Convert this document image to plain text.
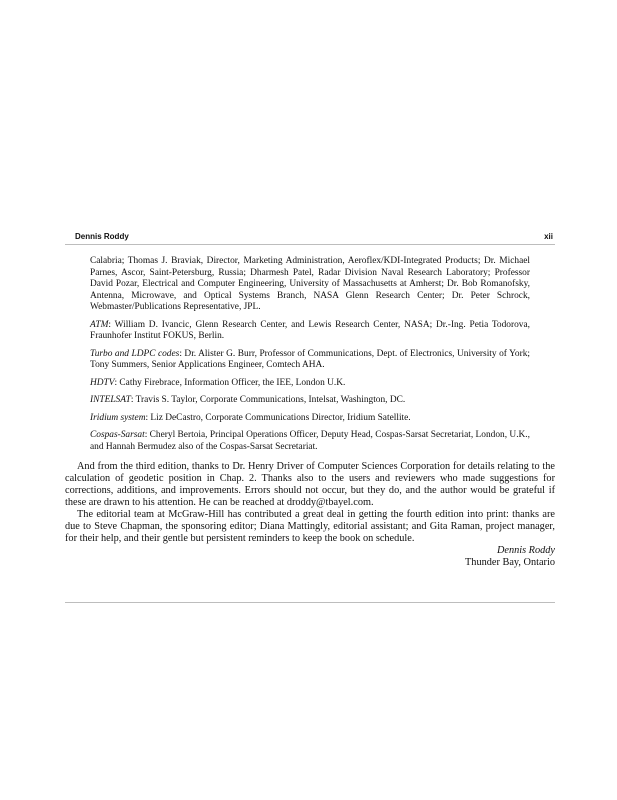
Dennis Roddy	xii

Calabria; Thomas J. Braviak, Director, Marketing Administration, Aeroflex/KDI-Integrated Products; Dr. Michael Parnes, Ascor, Saint-Petersburg, Russia; Dharmesh Patel, Radar Division Naval Research Laboratory; Professor David Pozar, Electrical and Computer Engineering, University of Massachusetts at Amherst; Dr. Bob Romanofsky, Antenna, Microwave, and Optical Systems Branch, NASA Glenn Research Center; Dr. Peter Schrock, Webmaster/Publications Representative, JPL.

ATM: William D. Ivancic, Glenn Research Center, and Lewis Research Center, NASA; Dr.-Ing. Petia Todorova, Fraunhofer Institut FOKUS, Berlin.

Turbo and LDPC codes: Dr. Alister G. Burr, Professor of Communications, Dept. of Electronics, University of York; Tony Summers, Senior Applications Engineer, Comtech AHA.

HDTV: Cathy Firebrace, Information Officer, the IEE, London U.K.

INTELSAT: Travis S. Taylor, Corporate Communications, Intelsat, Washington, DC.

Iridium system: Liz DeCastro, Corporate Communications Director, Iridium Satellite.

Cospas-Sarsat: Cheryl Bertoia, Principal Operations Officer, Deputy Head, Cospas-Sarsat Secretariat, London, U.K., and Hannah Bermudez also of the Cospas-Sarsat Secretariat.

And from the third edition, thanks to Dr. Henry Driver of Computer Sciences Corporation for details relating to the calculation of geodetic position in Chap. 2. Thanks also to the users and reviewers who made suggestions for corrections, additions, and improvements. Errors should not occur, but they do, and the author would be grateful if these are drawn to his attention. He can be reached at droddy@tbayel.com.

The editorial team at McGraw-Hill has contributed a great deal in getting the fourth edition into print: thanks are due to Steve Chapman, the sponsoring editor; Diana Mattingly, editorial assistant; and Gita Raman, project manager, for their help, and their gentle but persistent reminders to keep the book on schedule.

Dennis Roddy

Thunder Bay, Ontario
